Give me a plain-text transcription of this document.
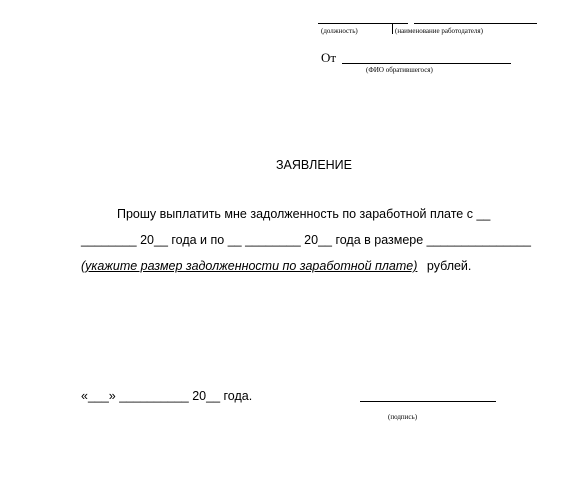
(должность)	(наименование работодателя)
От
(ФИО обратившегося)
ЗАЯВЛЕНИЕ
Прошу выплатить мне задолженность по заработной плате с __
________ 20__ года и по __ ________ 20__ года в размере _______________
(укажите размер задолженности по заработной плате) рублей.
«___» __________ 20__ года.
(подпись)
